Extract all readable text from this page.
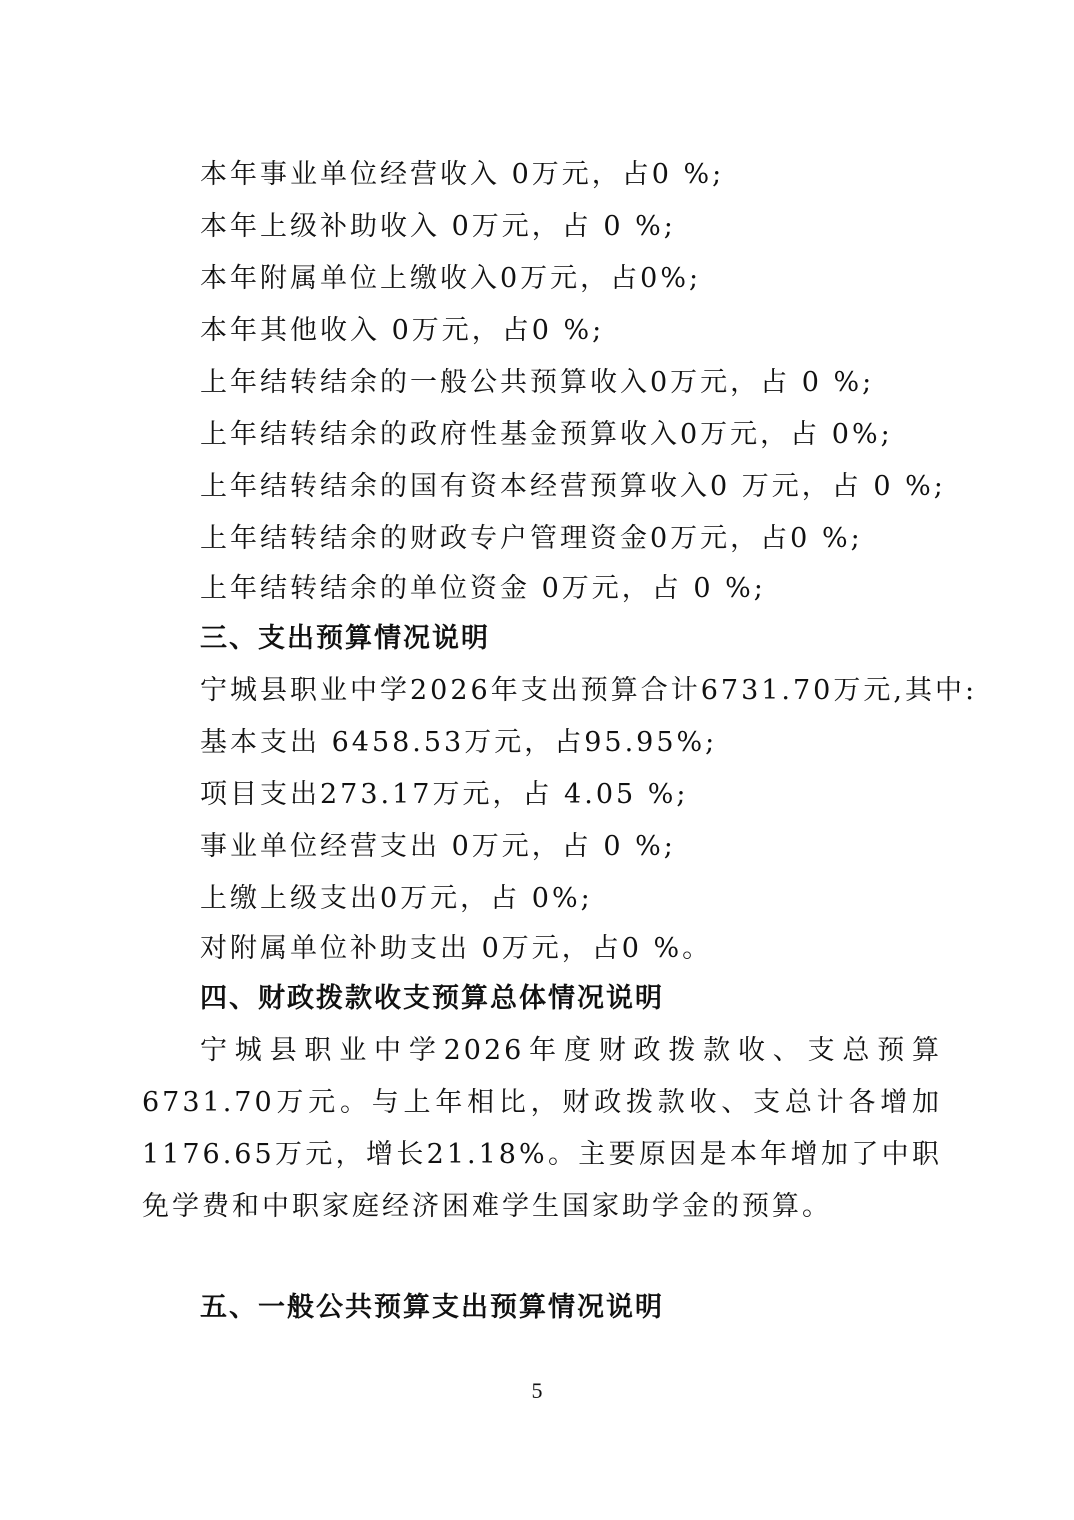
本年事业单位经营收入 0万元，占0 %;
本年上级补助收入 0万元，占 0 %;
本年附属单位上缴收入0万元，占0%;
本年其他收入 0万元，占0 %;
上年结转结余的一般公共预算收入0万元，占 0 %;
上年结转结余的政府性基金预算收入0万元，占 0%;
上年结转结余的国有资本经营预算收入0 万元，占 0 %;
上年结转结余的财政专户管理资金0万元，占0 %;
上年结转结余的单位资金 0万元，占 0 %;
三、支出预算情况说明
宁城县职业中学2026年支出预算合计6731.70万元,其中:
基本支出 6458.53万元，占95.95%;
项目支出273.17万元，占 4.05 %;
事业单位经营支出 0万元，占 0 %;
上缴上级支出0万元，占 0%;
对附属单位补助支出 0万元，占0 %。
四、财政拨款收支预算总体情况说明
宁城县职业中学2026年度财政拨款收、支总预算6731.70万元。与上年相比，财政拨款收、支总计各增加 1176.65万元，增长21.18%。主要原因是本年增加了中职免学费和中职家庭经济困难学生国家助学金的预算。
五、一般公共预算支出预算情况说明
5
